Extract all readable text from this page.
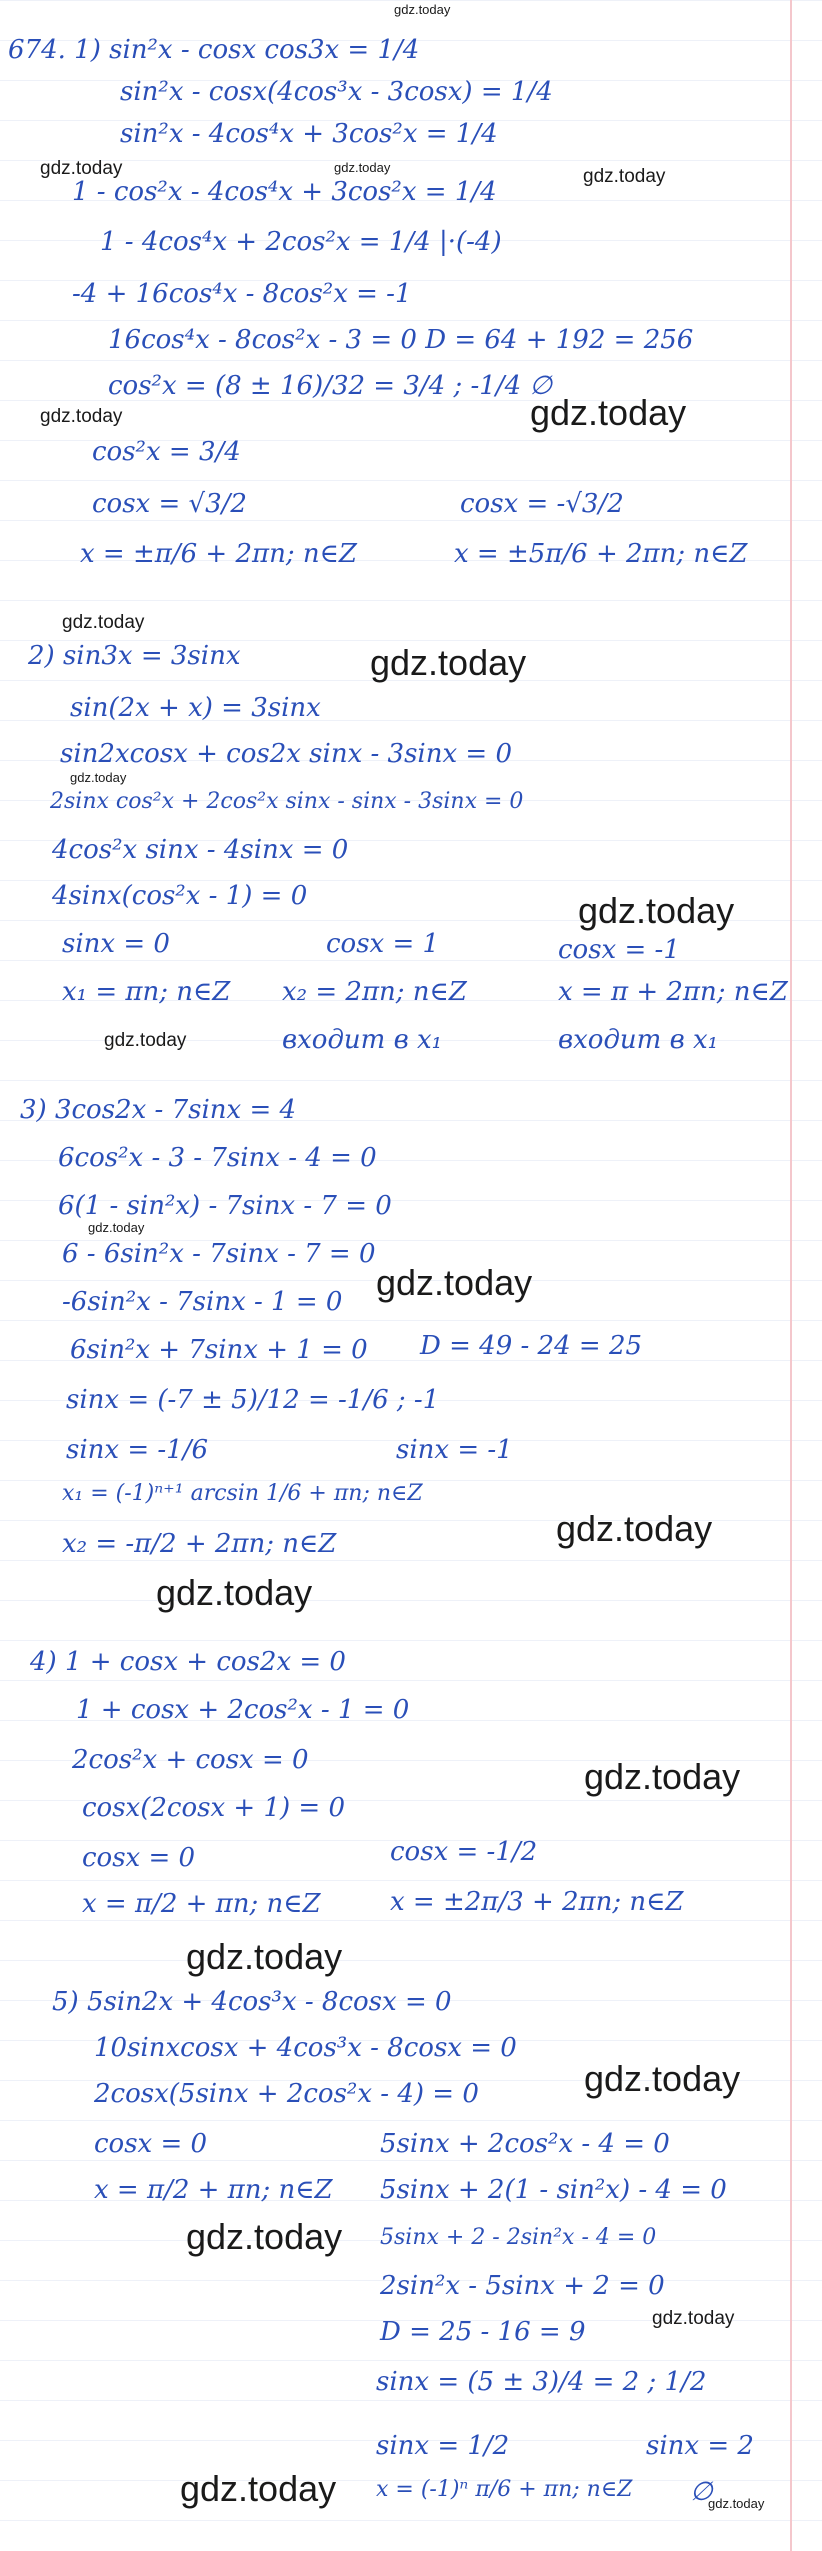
gdz.today
674. 1) sin²x - cosx cos3x = 1/4
sin²x - cosx(4cos³x - 3cosx) = 1/4
sin²x - 4cos⁴x + 3cos²x = 1/4
1 - cos²x - 4cos⁴x + 3cos²x = 1/4
1 - 4cos⁴x + 2cos²x = 1/4 |·(-4)
-4 + 16cos⁴x - 8cos²x = -1
16cos⁴x - 8cos²x - 3 = 0 D = 64 + 192 = 256
cos²x = (8 ± 16)/32 = 3/4 ; -1/4 ∅
cos²x = 3/4
cosx = √3/2	cosx = -√3/2
x = ±π/6 + 2πn; n∈Z	x = ±5π/6 + 2πn; n∈Z
gdz.today	gdz.today	gdz.today
gdz.today	gdz.today
gdz.today
2) sin3x = 3sinx	gdz.today
sin(2x + x) = 3sinx
sin2xcosx + cos2x sinx - 3sinx = 0
gdz.today
2sinx cos²x + 2cos²x sinx - sinx - 3sinx = 0
4cos²x sinx - 4sinx = 0
4sinx(cos²x - 1) = 0	gdz.today
sinx = 0	cosx = 1	cosx = -1
x₁ = πn; n∈Z x₂ = 2πn; n∈Z	x = π + 2πn; n∈Z
gdz.today	входит в x₁	входит в x₁
3) 3cos2x - 7sinx = 4
6cos²x - 3 - 7sinx - 4 = 0
6(1 - sin²x) - 7sinx - 7 = 0
gdz.today
6 - 6sin²x - 7sinx - 7 = 0
-6sin²x - 7sinx - 1 = 0 gdz.today
6sin²x + 7sinx + 1 = 0 D = 49 - 24 = 25
sinx = (-7 ± 5)/12 = -1/6 ; -1
sinx = -1/6	sinx = -1
x₁ = (-1)ⁿ⁺¹ arcsin 1/6 + πn; n∈Z
gdz.today
x₂ = -π/2 + 2πn; n∈Z
gdz.today
4) 1 + cosx + cos2x = 0
1 + cosx + 2cos²x - 1 = 0
2cos²x + cosx = 0	gdz.today
cosx(2cosx + 1) = 0
cosx = 0	cosx = -1/2
x = π/2 + πn; n∈Z	x = ±2π/3 + 2πn; n∈Z
gdz.today
5) 5sin2x + 4cos³x - 8cosx = 0
10sinxcosx + 4cos³x - 8cosx = 0
2cosx(5sinx + 2cos²x - 4) = 0	gdz.today
cosx = 0	5sinx + 2cos²x - 4 = 0
x = π/2 + πn; n∈Z 5sinx + 2(1 - sin²x) - 4 = 0
gdz.today 5sinx + 2 - 2sin²x - 4 = 0
2sin²x - 5sinx + 2 = 0
gdz.today
D = 25 - 16 = 9
sinx = (5 ± 3)/4 = 2 ; 1/2
sinx = 1/2	sinx = 2
gdz.today x = (-1)ⁿ π/6 + πn; n∈Z ∅
gdz.today
